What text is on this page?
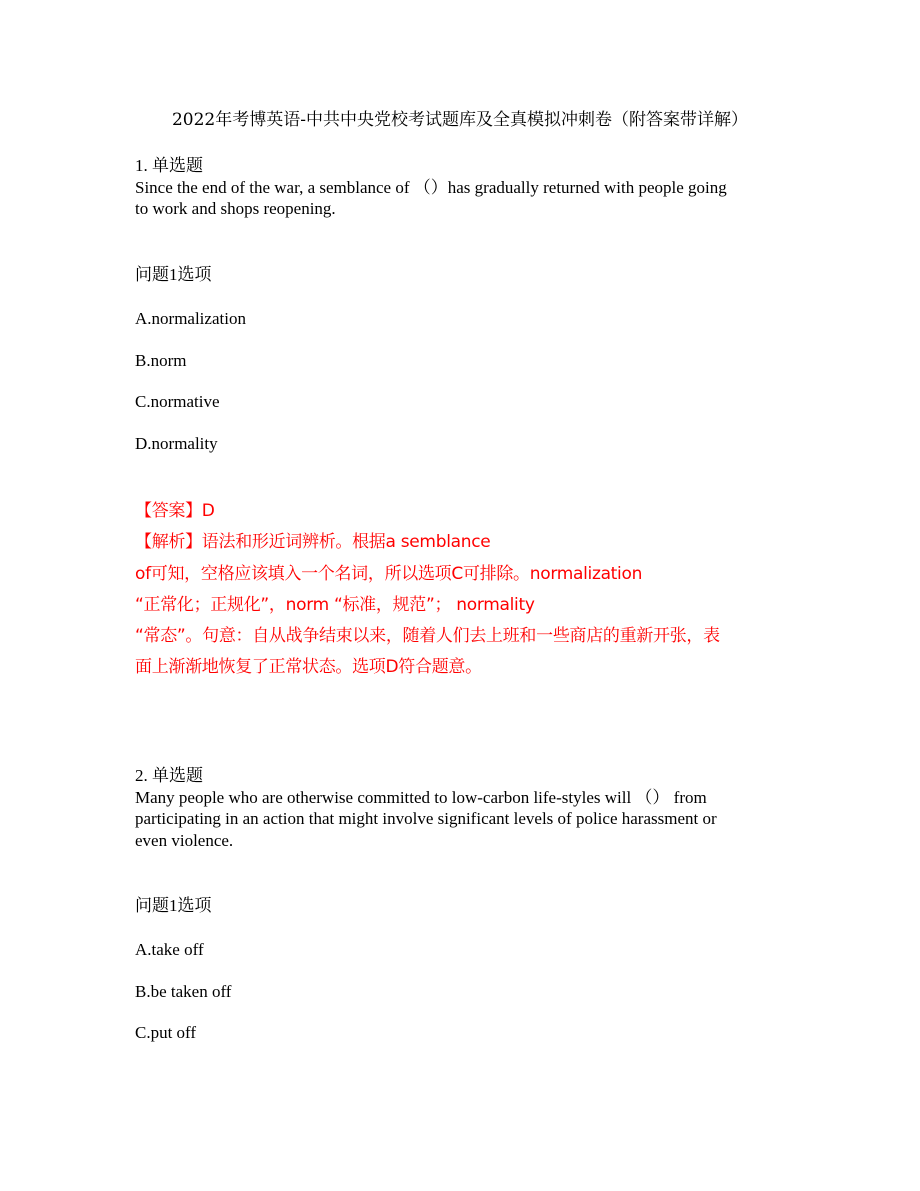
2022年考博英语-中共中央党校考试题库及全真模拟冲刺卷（附答案带详解）
1. 单选题
Since the end of the war, a semblance of （）has gradually returned with people going
to work and shops reopening.
问题1选项
A.normalization
B.norm
C.normative
D.normality
【答案】D
【解析】语法和形近词辨析。根据a semblance
of可知，空格应该填入一个名词，所以选项C可排除。normalization
“正常化；正规化”，norm “标准，规范”； normality
“常态”。句意：自从战争结束以来，随着人们去上班和一些商店的重新开张，表
面上渐渐地恢复了正常状态。选项D符合题意。
2. 单选题
Many people who are otherwise committed to low-carbon life-styles will （） from
participating in an action that might involve significant levels of police harassment or
even violence.
问题1选项
A.take off
B.be taken off
C.put off
